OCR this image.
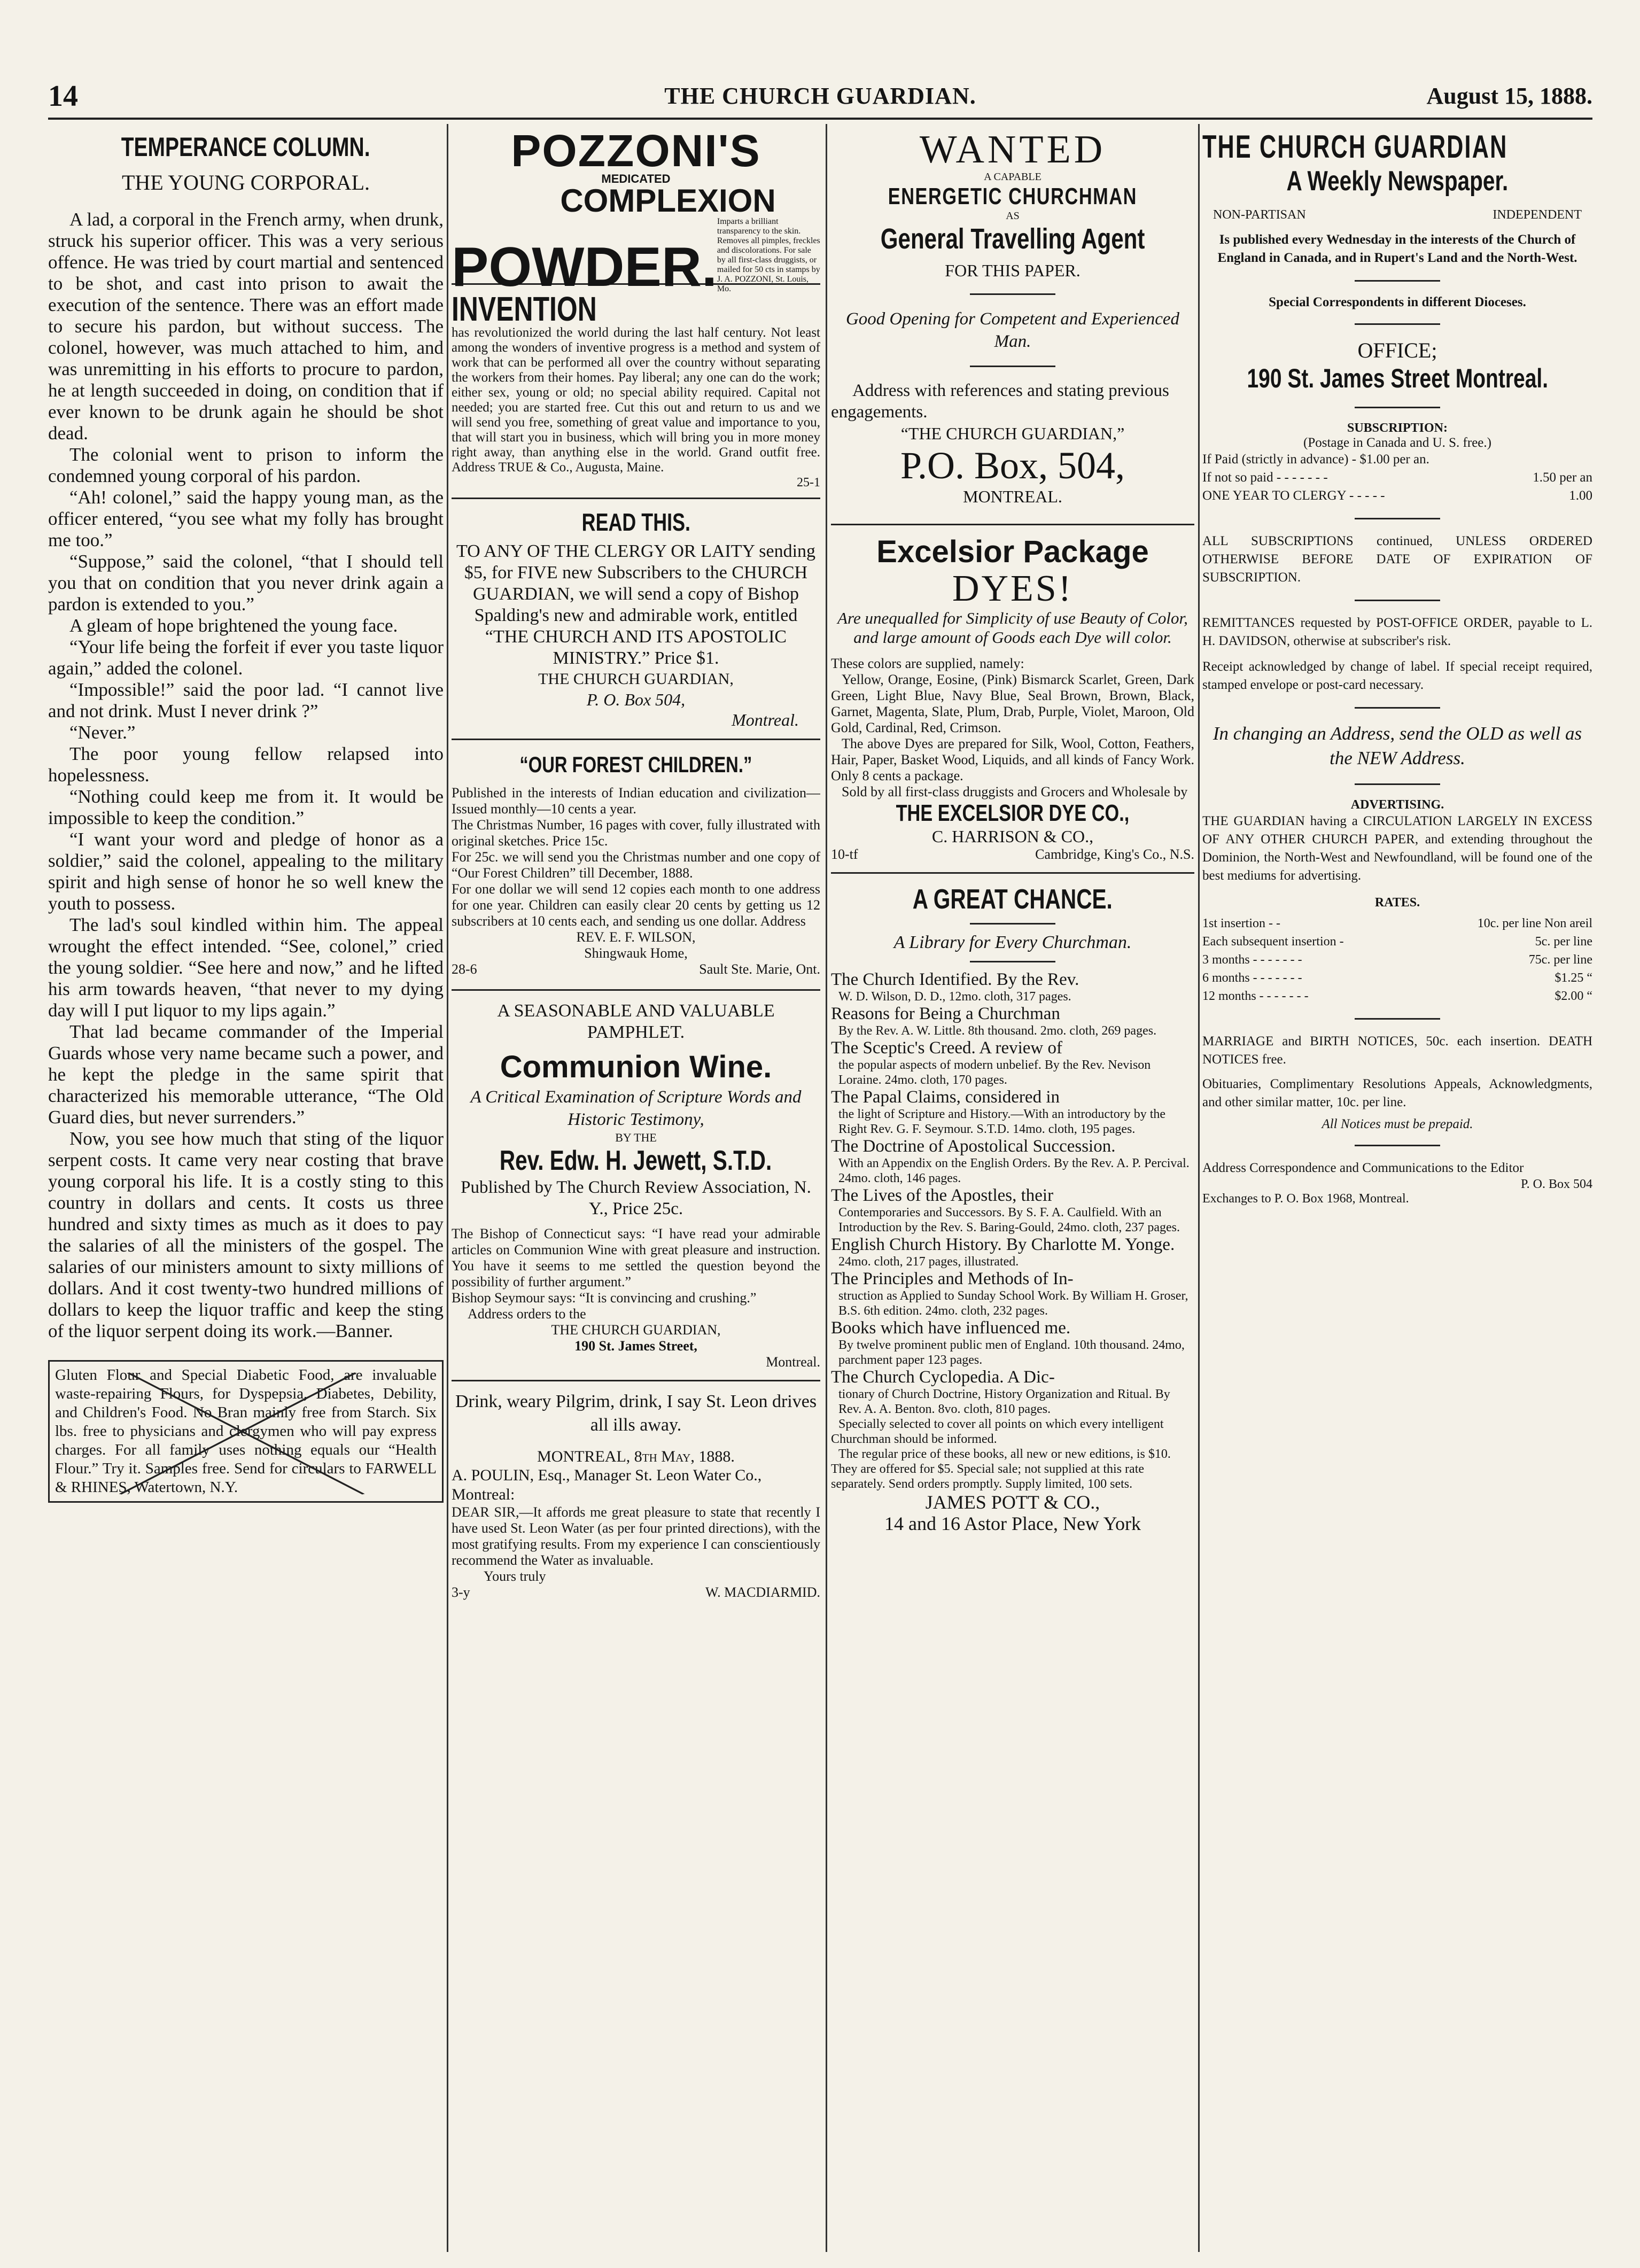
14	THE CHURCH GUARDIAN.	August 15, 1888.
TEMPERANCE COLUMN.
THE YOUNG CORPORAL.

A lad, a corporal in the French army, when drunk, struck his superior officer. This was a very serious offence. He was tried by court martial and sentenced to be shot, and cast into prison to await the execution of the sentence. There was an effort made to secure his pardon, but without success. The colonel, however, was much attached to him, and was unremitting in his efforts to procure to pardon, he at length succeeded in doing, on condition that if ever known to be drunk again he should be shot dead.

The colonial went to prison to inform the condemned young corporal of his pardon.

“Ah! colonel,” said the happy young man, as the officer entered, “you see what my folly has brought me too.”

“Suppose,” said the colonel, “that I should tell you that on condition that you never drink again a pardon is extended to you.”

A gleam of hope brightened the young face.

“Your life being the forfeit if ever you taste liquor again,” added the colonel.

“Impossible!” said the poor lad. “I cannot live and not drink. Must I never drink ?”

“Never.”

The poor young fellow relapsed into hopelessness.

“Nothing could keep me from it. It would be impossible to keep the condition.”

“I want your word and pledge of honor as a soldier,” said the colonel, appealing to the military spirit and high sense of honor he so well knew the youth to possess.

The lad's soul kindled within him. The appeal wrought the effect intended. “See, colonel,” cried the young soldier. “See here and now,” and he lifted his arm towards heaven, “that never to my dying day will I put liquor to my lips again.”

That lad became commander of the Imperial Guards whose very name became such a power, and he kept the pledge in the same spirit that characterized his memorable utterance, “The Old Guard dies, but never surrenders.”

Now, you see how much that sting of the liquor serpent costs. It came very near costing that brave young corporal his life. It is a costly sting to this country in dollars and cents. It costs us three hundred and sixty times as much as it does to pay the salaries of all the ministers of the gospel. The salaries of our ministers amount to sixty millions of dollars. And it cost twenty-two hundred millions of dollars to keep the liquor traffic and keep the sting of the liquor serpent doing its work.—Banner.

Gluten Flour and Special Diabetic Food, are invaluable waste-repairing Flours, for Dyspepsia, Diabetes, Debility, and Children's Food. No Bran mainly free from Starch. Six lbs. free to physicians and clergymen who will pay express charges. For all family uses nothing equals our “Health Flour.” Try it. Samples free. Send for circulars to FARWELL & RHINES, Watertown, N.Y.

POZZONI'S
MEDICATED
COMPLEXION
POWDER.
Imparts a brilliant transparency to the skin. Removes all pimples, freckles and discolorations. For sale by all first-class druggists, or mailed for 50 cts in stamps by J. A. POZZONI, St. Louis, Mo.
INVENTION

has revolutionized the world during the last half century. Not least among the wonders of inventive progress is a method and system of work that can be performed all over the country without separating the workers from their homes. Pay liberal; any one can do the work; either sex, young or old; no special ability required. Capital not needed; you are started free. Cut this out and return to us and we will send you free, something of great value and importance to you, that will start you in business, which will bring you in more money right away, than anything else in the world. Grand outfit free. Address TRUE & Co., Augusta, Maine.

25-1

READ THIS.

TO ANY OF THE CLERGY OR LAITY sending $5, for FIVE new Subscribers to the CHURCH GUARDIAN, we will send a copy of Bishop Spalding's new and admirable work, entitled “THE CHURCH AND ITS APOSTOLIC MINISTRY.” Price $1.

THE CHURCH GUARDIAN,

P. O. Box 504,

Montreal.

“OUR FOREST CHILDREN.”

Published in the interests of Indian education and civilization—Issued monthly—10 cents a year.

The Christmas Number, 16 pages with cover, fully illustrated with original sketches. Price 15c.

For 25c. we will send you the Christmas number and one copy of “Our Forest Children” till December, 1888.

For one dollar we will send 12 copies each month to one address for one year. Children can easily clear 20 cents by getting us 12 subscribers at 10 cents each, and sending us one dollar. Address

REV. E. F. WILSON,

Shingwauk Home,

28-6	Sault Ste. Marie, Ont.

A SEASONABLE AND VALUABLE PAMPHLET.

Communion Wine.

A Critical Examination of Scripture Words and Historic Testimony,

BY THE

Rev. Edw. H. Jewett, S.T.D.

Published by The Church Review Association, N. Y., Price 25c.

The Bishop of Connecticut says: “I have read your admirable articles on Communion Wine with great pleasure and instruction. You have it seems to me settled the question beyond the possibility of further argument.”

Bishop Seymour says: “It is convincing and crushing.”

Address orders to the

THE CHURCH GUARDIAN,

190 St. James Street,

Montreal.

Drink, weary Pilgrim, drink, I say St. Leon drives all ills away.

MONTREAL, 8th May, 1888.

A. POULIN, Esq., Manager St. Leon Water Co., Montreal:

DEAR SIR,—It affords me great pleasure to state that recently I have used St. Leon Water (as per four printed directions), with the most gratifying results. From my experience I can conscientiously recommend the Water as invaluable.

Yours truly

3-y	W. MACDIARMID.

WANTED

A CAPABLE

ENERGETIC CHURCHMAN

AS

General Travelling Agent

FOR THIS PAPER.

Good Opening for Competent and Experienced Man.

Address with references and stating previous engagements.

“THE CHURCH GUARDIAN,”

P.O. Box, 504,

MONTREAL.

Excelsior Package

DYES!

Are unequalled for Simplicity of use Beauty of Color, and large amount of Goods each Dye will color.

These colors are supplied, namely:

Yellow, Orange, Eosine, (Pink) Bismarck Scarlet, Green, Dark Green, Light Blue, Navy Blue, Seal Brown, Brown, Black, Garnet, Magenta, Slate, Plum, Drab, Purple, Violet, Maroon, Old Gold, Cardinal, Red, Crimson.

The above Dyes are prepared for Silk, Wool, Cotton, Feathers, Hair, Paper, Basket Wood, Liquids, and all kinds of Fancy Work. Only 8 cents a package.

Sold by all first-class druggists and Grocers and Wholesale by

THE EXCELSIOR DYE CO.,

C. HARRISON & CO.,

10-tf	Cambridge, King's Co., N.S.

A GREAT CHANCE.

A Library for Every Churchman.

The Church Identified. By the Rev.

W. D. Wilson, D. D., 12mo. cloth, 317 pages.

Reasons for Being a Churchman

By the Rev. A. W. Little. 8th thousand. 2mo. cloth, 269 pages.

The Sceptic's Creed. A review of

the popular aspects of modern unbelief. By the Rev. Nevison Loraine. 24mo. cloth, 170 pages.

The Papal Claims, considered in

the light of Scripture and History.—With an introductory by the Right Rev. G. F. Seymour. S.T.D. 14mo. cloth, 195 pages.

The Doctrine of Apostolical Succession.

With an Appendix on the English Orders. By the Rev. A. P. Percival. 24mo. cloth, 146 pages.

The Lives of the Apostles, their

Contemporaries and Successors. By S. F. A. Caulfield. With an Introduction by the Rev. S. Baring-Gould, 24mo. cloth, 237 pages.

English Church History. By Charlotte M. Yonge.

24mo. cloth, 217 pages, illustrated.

The Principles and Methods of In-

struction as Applied to Sunday School Work. By William H. Groser, B.S. 6th edition. 24mo. cloth, 232 pages.

Books which have influenced me.

By twelve prominent public men of England. 10th thousand. 24mo, parchment paper 123 pages.

The Church Cyclopedia. A Dic-

tionary of Church Doctrine, History Organization and Ritual. By Rev. A. A. Benton. 8vo. cloth, 810 pages.

Specially selected to cover all points on which every intelligent Churchman should be informed.

The regular price of these books, all new or new editions, is $10. They are offered for $5. Special sale; not supplied at this rate separately. Send orders promptly. Supply limited, 100 sets.

JAMES POTT & CO.,

14 and 16 Astor Place, New York

THE CHURCH GUARDIAN

A Weekly Newspaper.

NON-PARTISAN	INDEPENDENT

Is published every Wednesday in the interests of the Church of England in Canada, and in Rupert's Land and the North-West.

Special Correspondents in different Dioceses.

OFFICE;

190 St. James Street Montreal.

SUBSCRIPTION:

(Postage in Canada and U. S. free.)

If Paid (strictly in advance) - $1.00 per an.
If not so paid - - - - - - -	1.50 per an
ONE YEAR TO CLERGY - - - - -	1.00

ALL SUBSCRIPTIONS continued, UNLESS ORDERED OTHERWISE BEFORE DATE OF EXPIRATION OF SUBSCRIPTION.

REMITTANCES requested by POST-OFFICE ORDER, payable to L. H. DAVIDSON, otherwise at subscriber's risk.

Receipt acknowledged by change of label. If special receipt required, stamped envelope or post-card necessary.

In changing an Address, send the OLD as well as the NEW Address.

ADVERTISING.

THE GUARDIAN having a CIRCULATION LARGELY IN EXCESS OF ANY OTHER CHURCH PAPER, and extending throughout the Dominion, the North-West and Newfoundland, will be found one of the best mediums for advertising.

RATES.

1st insertion - -	10c. per line Non areil
Each subsequent insertion -	5c. per line
3 months - - - - - - -	75c. per line
6 months - - - - - - -	$1.25 “
12 months - - - - - - -	$2.00 “

MARRIAGE and BIRTH NOTICES, 50c. each insertion. DEATH NOTICES free.

Obituaries, Complimentary Resolutions Appeals, Acknowledgments, and other similar matter, 10c. per line.

All Notices must be prepaid.

Address Correspondence and Communications to the Editor

P. O. Box 504

Exchanges to P. O. Box 1968, Montreal.
